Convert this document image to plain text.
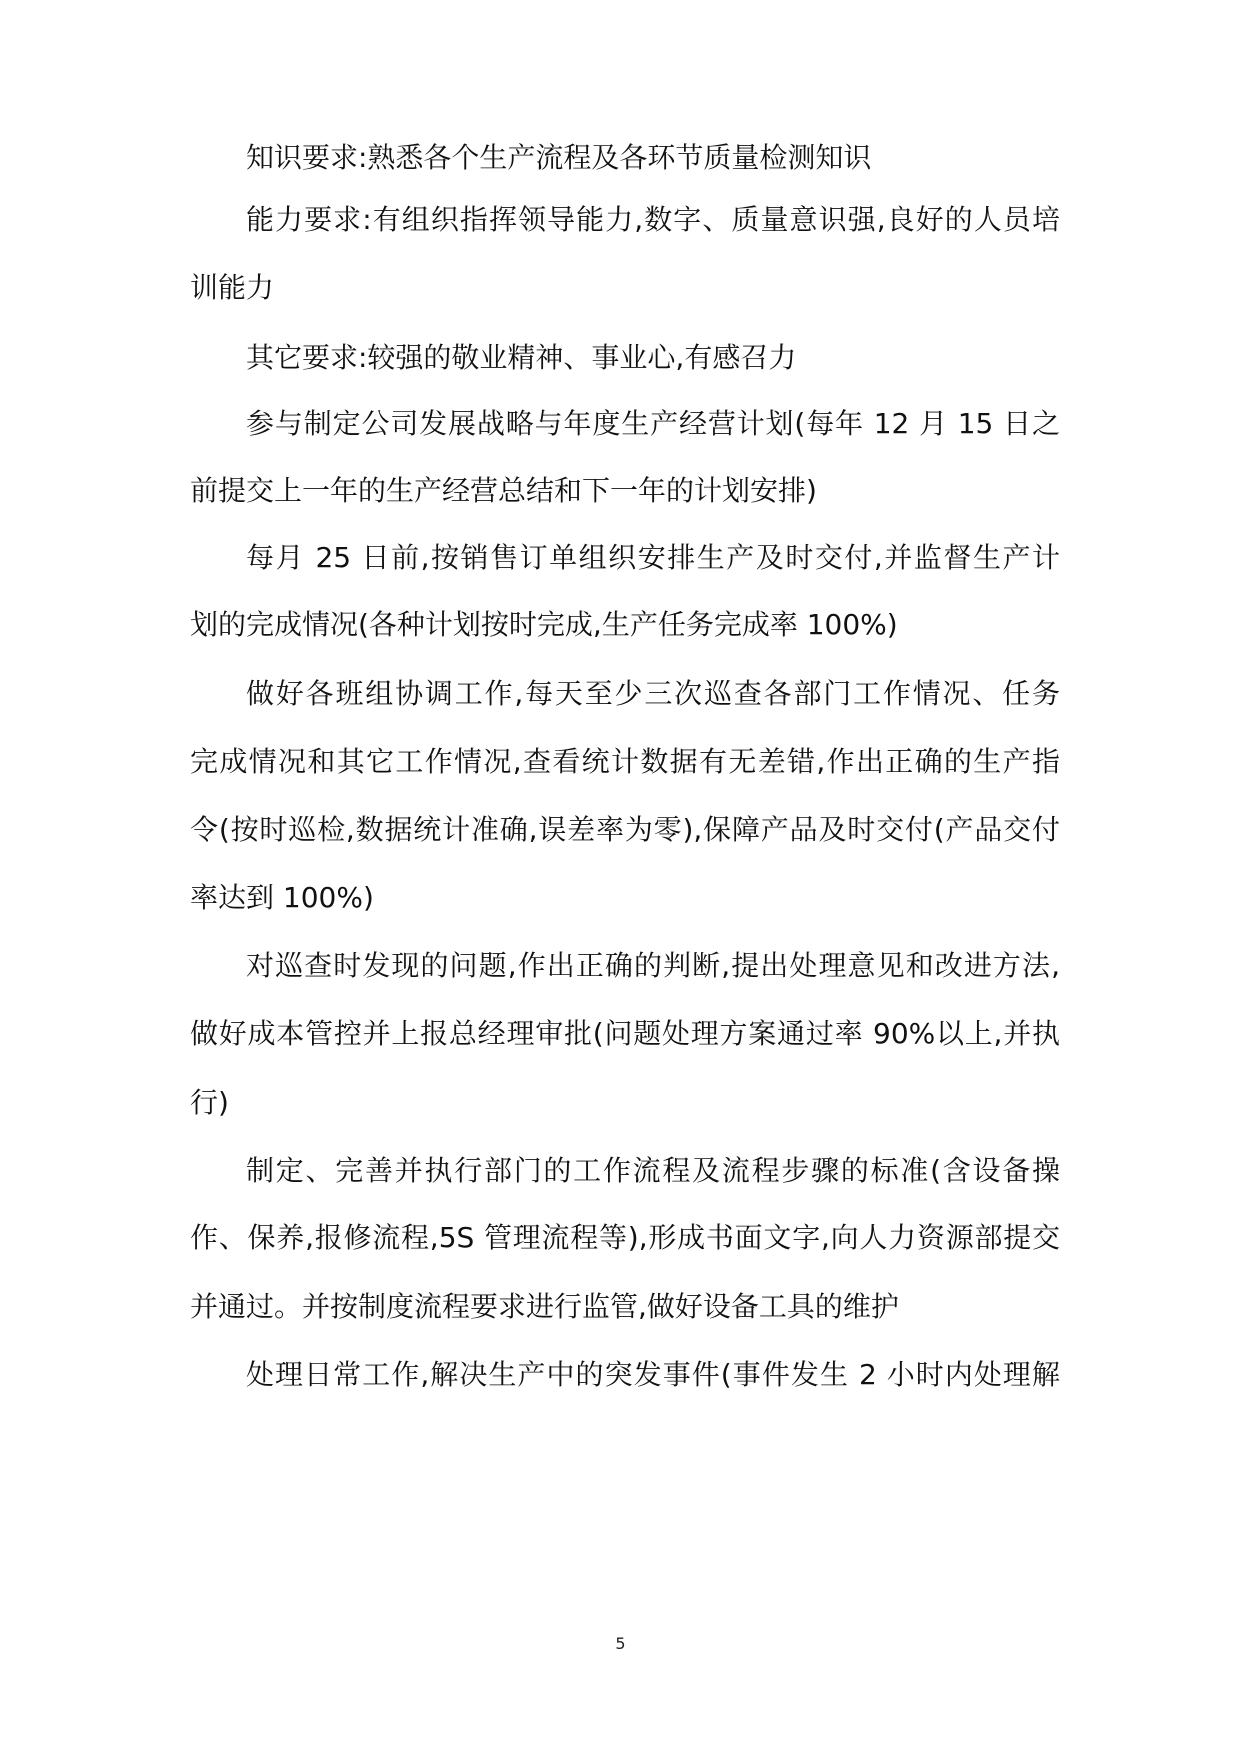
知识要求:熟悉各个生产流程及各环节质量检测知识
能力要求:有组织指挥领导能力,数字、质量意识强,良好的人员培
训能力
其它要求:较强的敬业精神、事业心,有感召力
参与制定公司发展战略与年度生产经营计划(每年 12 月 15 日之
前提交上一年的生产经营总结和下一年的计划安排)
每月 25 日前,按销售订单组织安排生产及时交付,并监督生产计
划的完成情况(各种计划按时完成,生产任务完成率 100%)
做好各班组协调工作,每天至少三次巡查各部门工作情况、任务
完成情况和其它工作情况,查看统计数据有无差错,作出正确的生产指
令(按时巡检,数据统计准确,误差率为零),保障产品及时交付(产品交付
率达到 100%)
对巡查时发现的问题,作出正确的判断,提出处理意见和改进方法,
做好成本管控并上报总经理审批(问题处理方案通过率 90%以上,并执
行)
制定、完善并执行部门的工作流程及流程步骤的标准(含设备操
作、保养,报修流程,5S 管理流程等),形成书面文字,向人力资源部提交
并通过。并按制度流程要求进行监管,做好设备工具的维护
处理日常工作,解决生产中的突发事件(事件发生 2 小时内处理解
5
